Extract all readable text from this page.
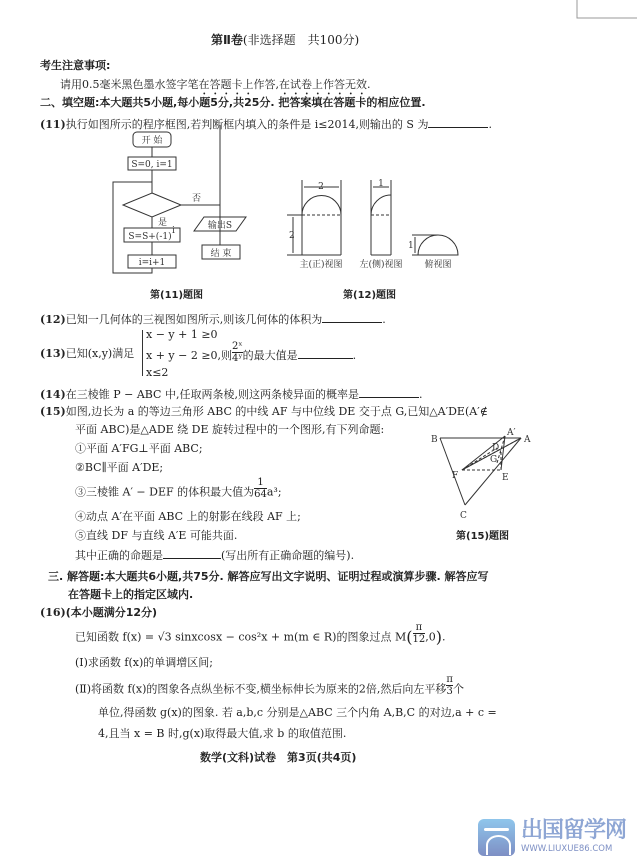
第Ⅱ卷(非选择题　共100分)
考生注意事项:
请用0.5毫米黑色墨水签字笔在答题卡上作答,在试卷上作答无效.
二、填空题:本大题共5小题,每小题5分,共25分. 把答案填在答题卡的相应位置.
(11)执行如图所示的程序框图,若判断框内填入的条件是 i≤2014,则输出的 S 为	.
开 始
S=0, i=1
否
是
S=S+(-1)
i	输出S
i=i+1
结 束
第(11)题图
2
2
1
1
主(正)视图 左(侧)视图 俯视图
第(12)题图
(12)已知一几何体的三视图如图所示,则该几何体的体积为	.
(13)已知(x,y)满足
x − y + 1 ≥0
x + y − 2 ≥0,则 $\frac{\text{2ˣ}}{\text{4ʸ}}$ 的最大值是	.
x≤2
(14)在三棱锥 P − ABC 中,任取两条棱,则这两条棱异面的概率是	.
(15)如图,边长为 a 的等边三角形 ABC 的中线 AF 与中位线 DE 交于点 G,已知△A′DE(A′∉
平面 ABC)是△ADE 绕 DE 旋转过程中的一个图形,有下列命题:
①平面 A′FG⊥平面 ABC;
②BC∥平面 A′DE;
③三棱锥 A′ − DEF 的体积最大值为 $\frac{1}{64} a^3$;
④动点 A′在平面 ABC 上的射影在线段 AF 上;
⑤直线 DF 与直线 A′E 可能共面.
其中正确的命题是	(写出所有正确命题的编号).
A′
B
D
A
G
F	E
C
第(15)题图
三. 解答题:本大题共6小题,共75分. 解答应写出文字说明、证明过程或演算步骤. 解答应写
在答题卡上的指定区域内.
(16)(本小题满分12分)
已知函数 f(x) = √3 sinxcosx − cos²x + m(m ∈ R)的图象过点 $M( \frac{\pi}{12} ,0)$.
(Ⅰ)求函数 f(x)的单调增区间;
(Ⅱ)将函数 f(x)的图象各点纵坐标不变,横坐标伸长为原来的2倍,然后向左平移 $\frac{\pi}{3}$ 个
单位,得函数 g(x)的图象. 若 a,b,c 分别是△ABC 三个内角 A,B,C 的对边,a + c =
4,且当 x = B 时,g(x)取得最大值,求 b 的取值范围.
数学(文科)试卷　第3页(共4页)
出国留学网
WWW.LIUXUE86.COM
